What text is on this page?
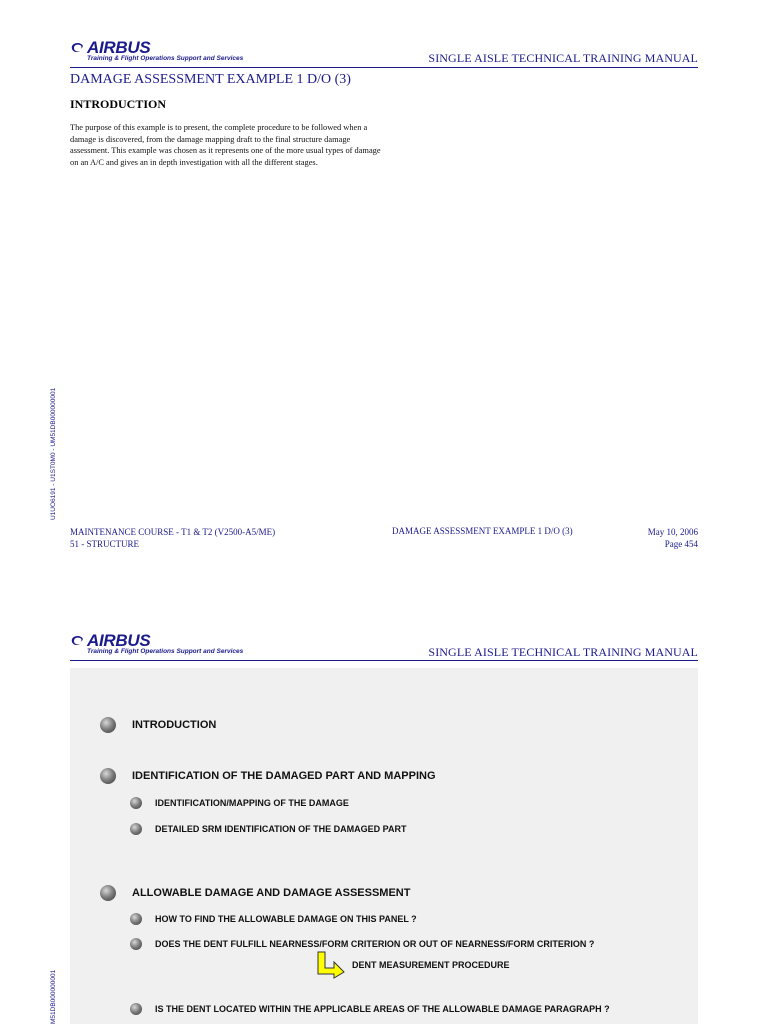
AIRBUS
Training & Flight Operations Support and Services	SINGLE AISLE TECHNICAL TRAINING MANUAL
DAMAGE ASSESSMENT EXAMPLE 1 D/O (3)
INTRODUCTION
The purpose of this example is to present, the complete procedure to be followed when a damage is discovered, from the damage mapping draft to the final structure damage assessment. This example was chosen as it represents one of the more usual types of damage on an A/C and gives an in depth investigation with all the different stages.
U1UO6191 - U1ST0M0 - UM51DB000000001
MAINTENANCE COURSE - T1 & T2 (V2500-A5/ME)
51 - STRUCTURE
DAMAGE ASSESSMENT EXAMPLE 1 D/O (3)	May 10, 2006
Page 454
AIRBUS
Training & Flight Operations Support and Services	SINGLE AISLE TECHNICAL TRAINING MANUAL
M51DB000000001
INTRODUCTION
IDENTIFICATION OF THE DAMAGED PART AND MAPPING
IDENTIFICATION/MAPPING OF THE DAMAGE
DETAILED SRM IDENTIFICATION OF THE DAMAGED PART
ALLOWABLE DAMAGE AND DAMAGE ASSESSMENT
HOW TO FIND THE ALLOWABLE DAMAGE ON THIS PANEL ?
DOES THE DENT FULFILL NEARNESS/FORM CRITERION OR OUT OF NEARNESS/FORM CRITERION ?
DENT MEASUREMENT PROCEDURE
IS THE DENT LOCATED WITHIN THE APPLICABLE AREAS OF THE ALLOWABLE DAMAGE PARAGRAPH ?
